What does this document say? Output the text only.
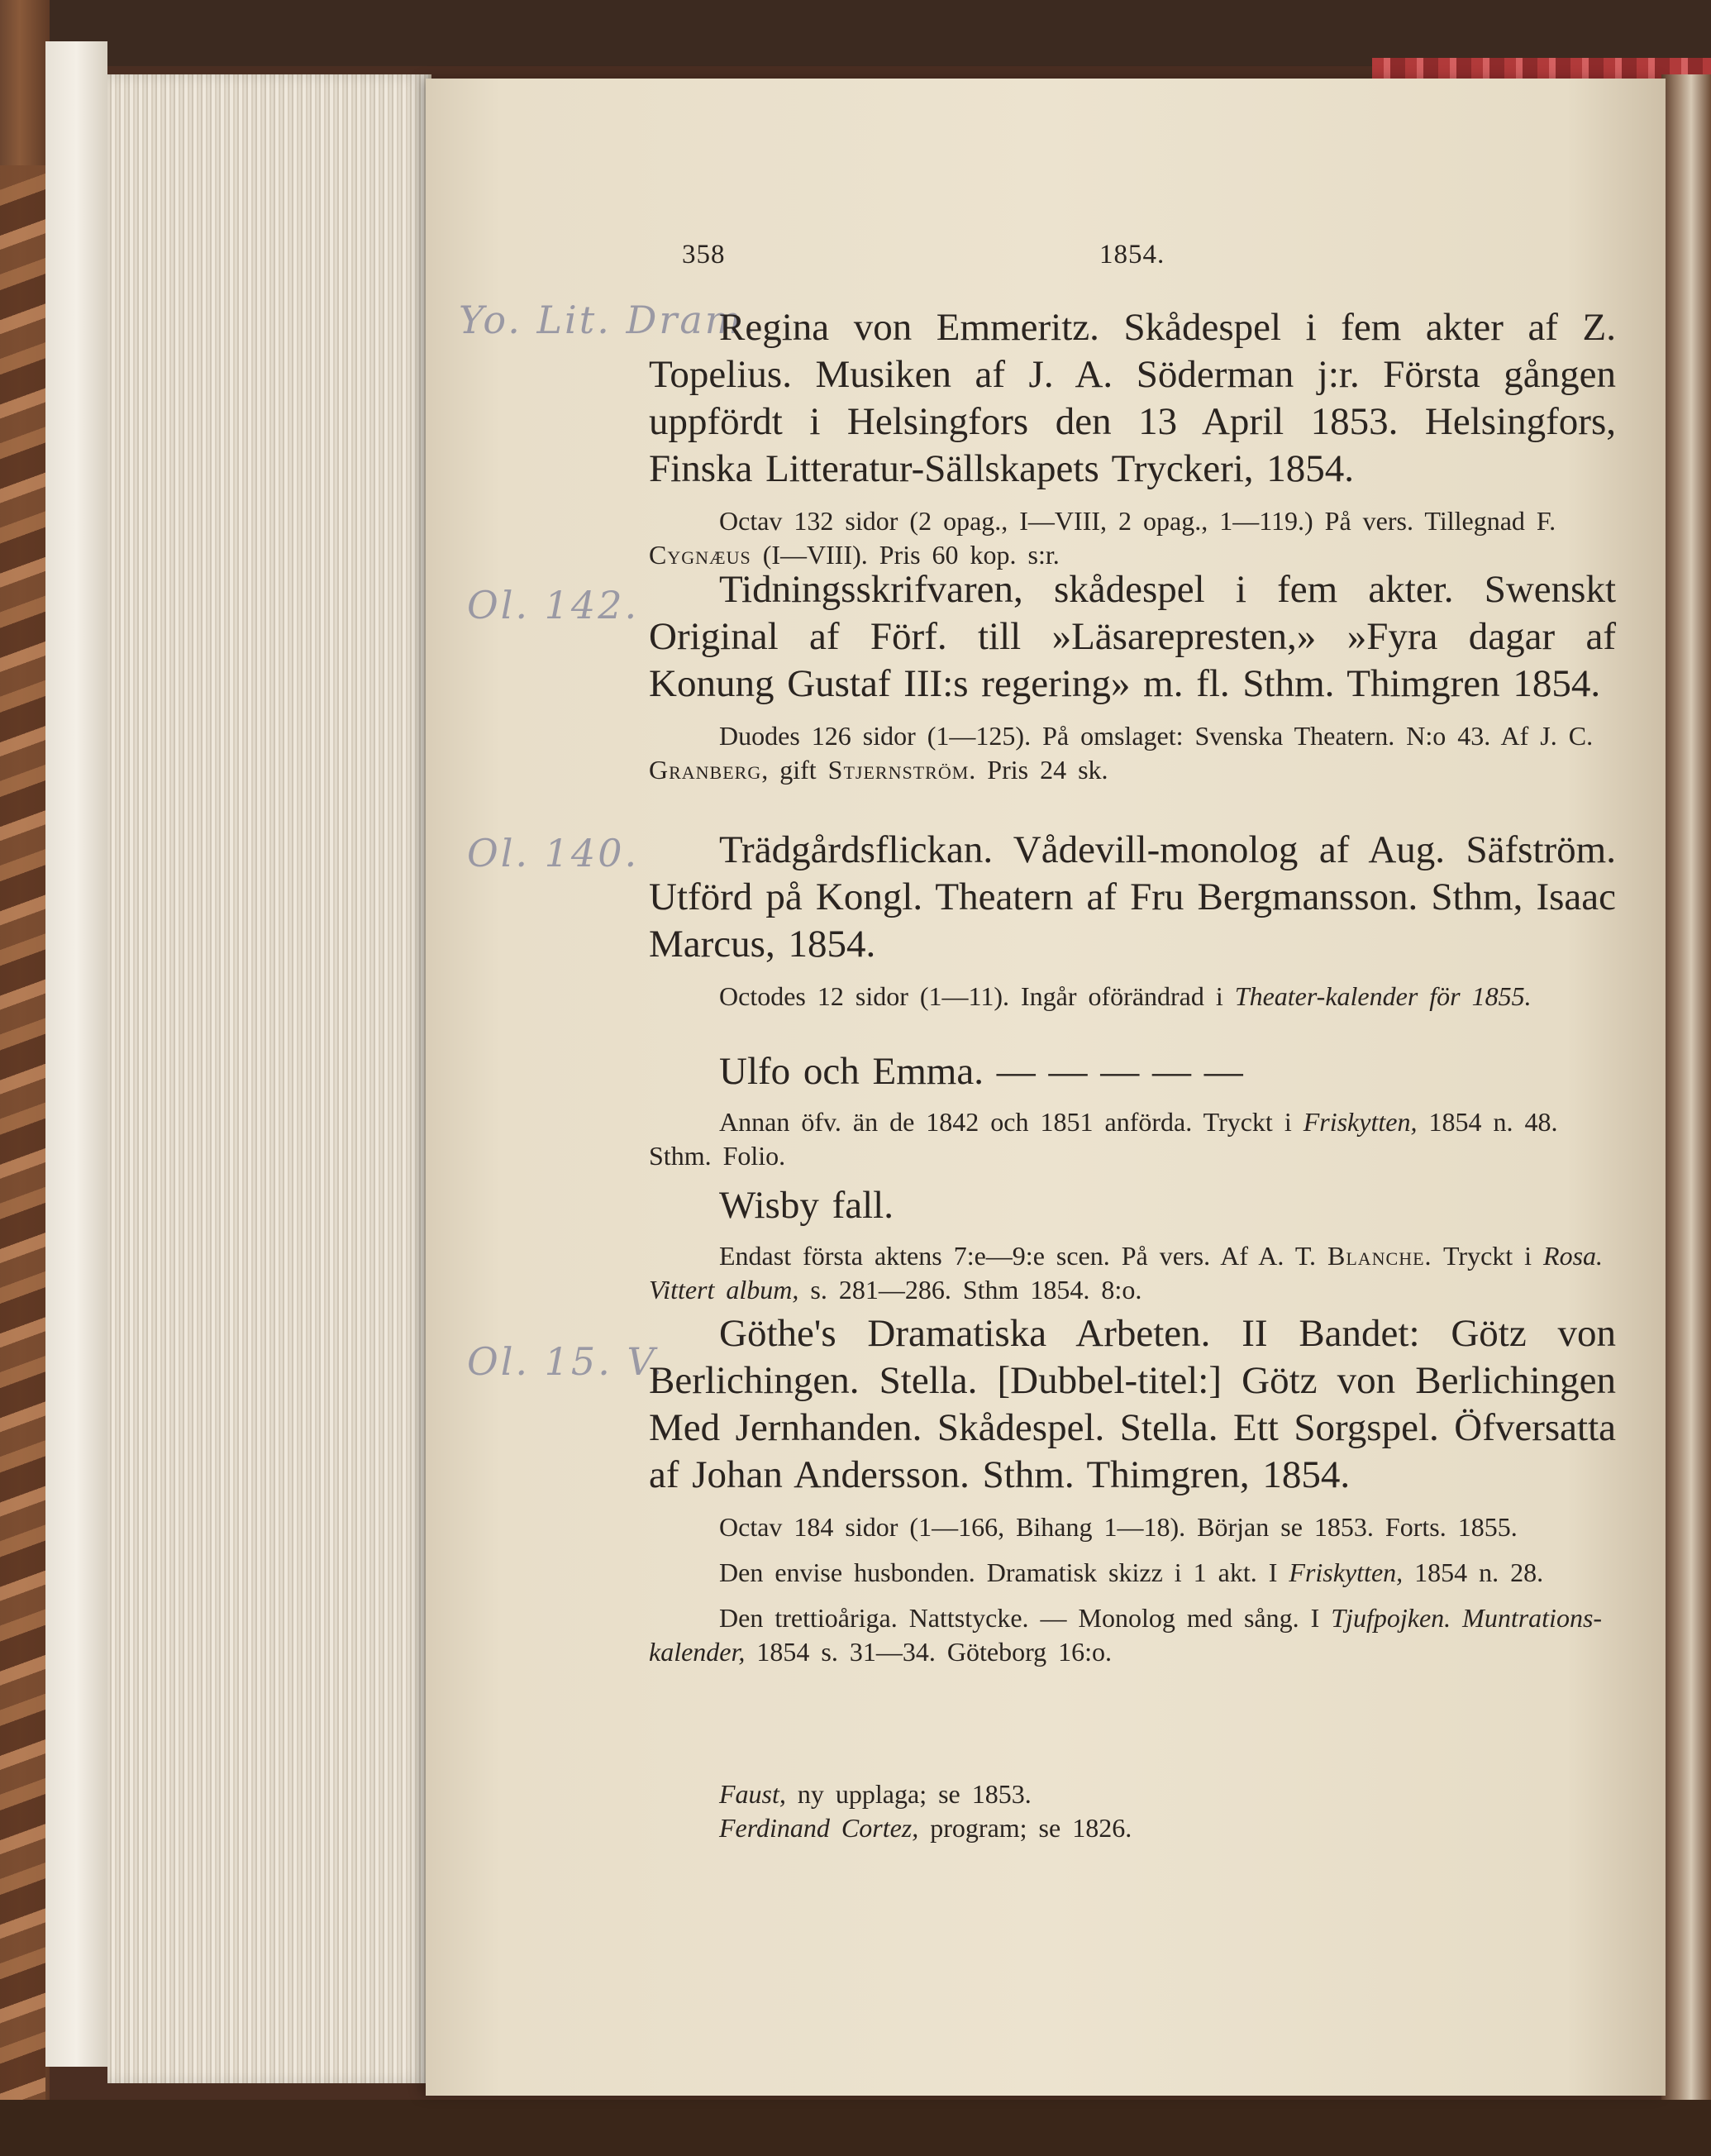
Yo. Lit. Dram.
Ol. 142.
Ol. 140.
Ol. 15. V.
358	1854.

Regina von Emmeritz. Skådespel i fem akter af Z. Topelius. Musiken af J. A. Söderman j:r. Första gången uppfördt i Helsingfors den 13 April 1853. Helsingfors, Finska Litteratur-Sällskapets Tryckeri, 1854.

Octav 132 sidor (2 opag., I—VIII, 2 opag., 1—119.) På vers. Tillegnad F. Cygnæus (I—VIII). Pris 60 kop. s:r.

Tidningsskrifvaren, skådespel i fem akter. Swenskt Original af Förf. till »Läsarepresten,» »Fyra dagar af Konung Gustaf III:s regering» m. fl. Sthm. Thimgren 1854.

Duodes 126 sidor (1—125). På omslaget: Svenska Theatern. N:o 43. Af J. C. Granberg, gift Stjernström. Pris 24 sk.

Trädgårdsflickan. Vådevill-monolog af Aug. Säfström. Utförd på Kongl. Theatern af Fru Bergmansson. Sthm, Isaac Marcus, 1854.

Octodes 12 sidor (1—11). Ingår oförändrad i Theater-kalender för 1855.

Ulfo och Emma. — — — — —

Annan öfv. än de 1842 och 1851 anförda. Tryckt i Friskytten, 1854 n. 48. Sthm. Folio.

Wisby fall.

Endast första aktens 7:e—9:e scen. På vers. Af A. T. Blanche. Tryckt i Rosa. Vittert album, s. 281—286. Sthm 1854. 8:o.

Göthe's Dramatiska Arbeten. II Bandet: Götz von Berlichingen. Stella. [Dubbel-titel:] Götz von Berlichingen Med Jernhanden. Skådespel. Stella. Ett Sorgspel. Öfversatta af Johan Andersson. Sthm. Thimgren, 1854.

Octav 184 sidor (1—166, Bihang 1—18). Början se 1853. Forts. 1855.

Den envise husbonden. Dramatisk skizz i 1 akt. I Friskytten, 1854 n. 28.

Den trettioåriga. Nattstycke. — Monolog med sång. I Tjufpojken. Muntrations-kalender, 1854 s. 31—34. Göteborg 16:o.

Faust, ny upplaga; se 1853.

Ferdinand Cortez, program; se 1826.
